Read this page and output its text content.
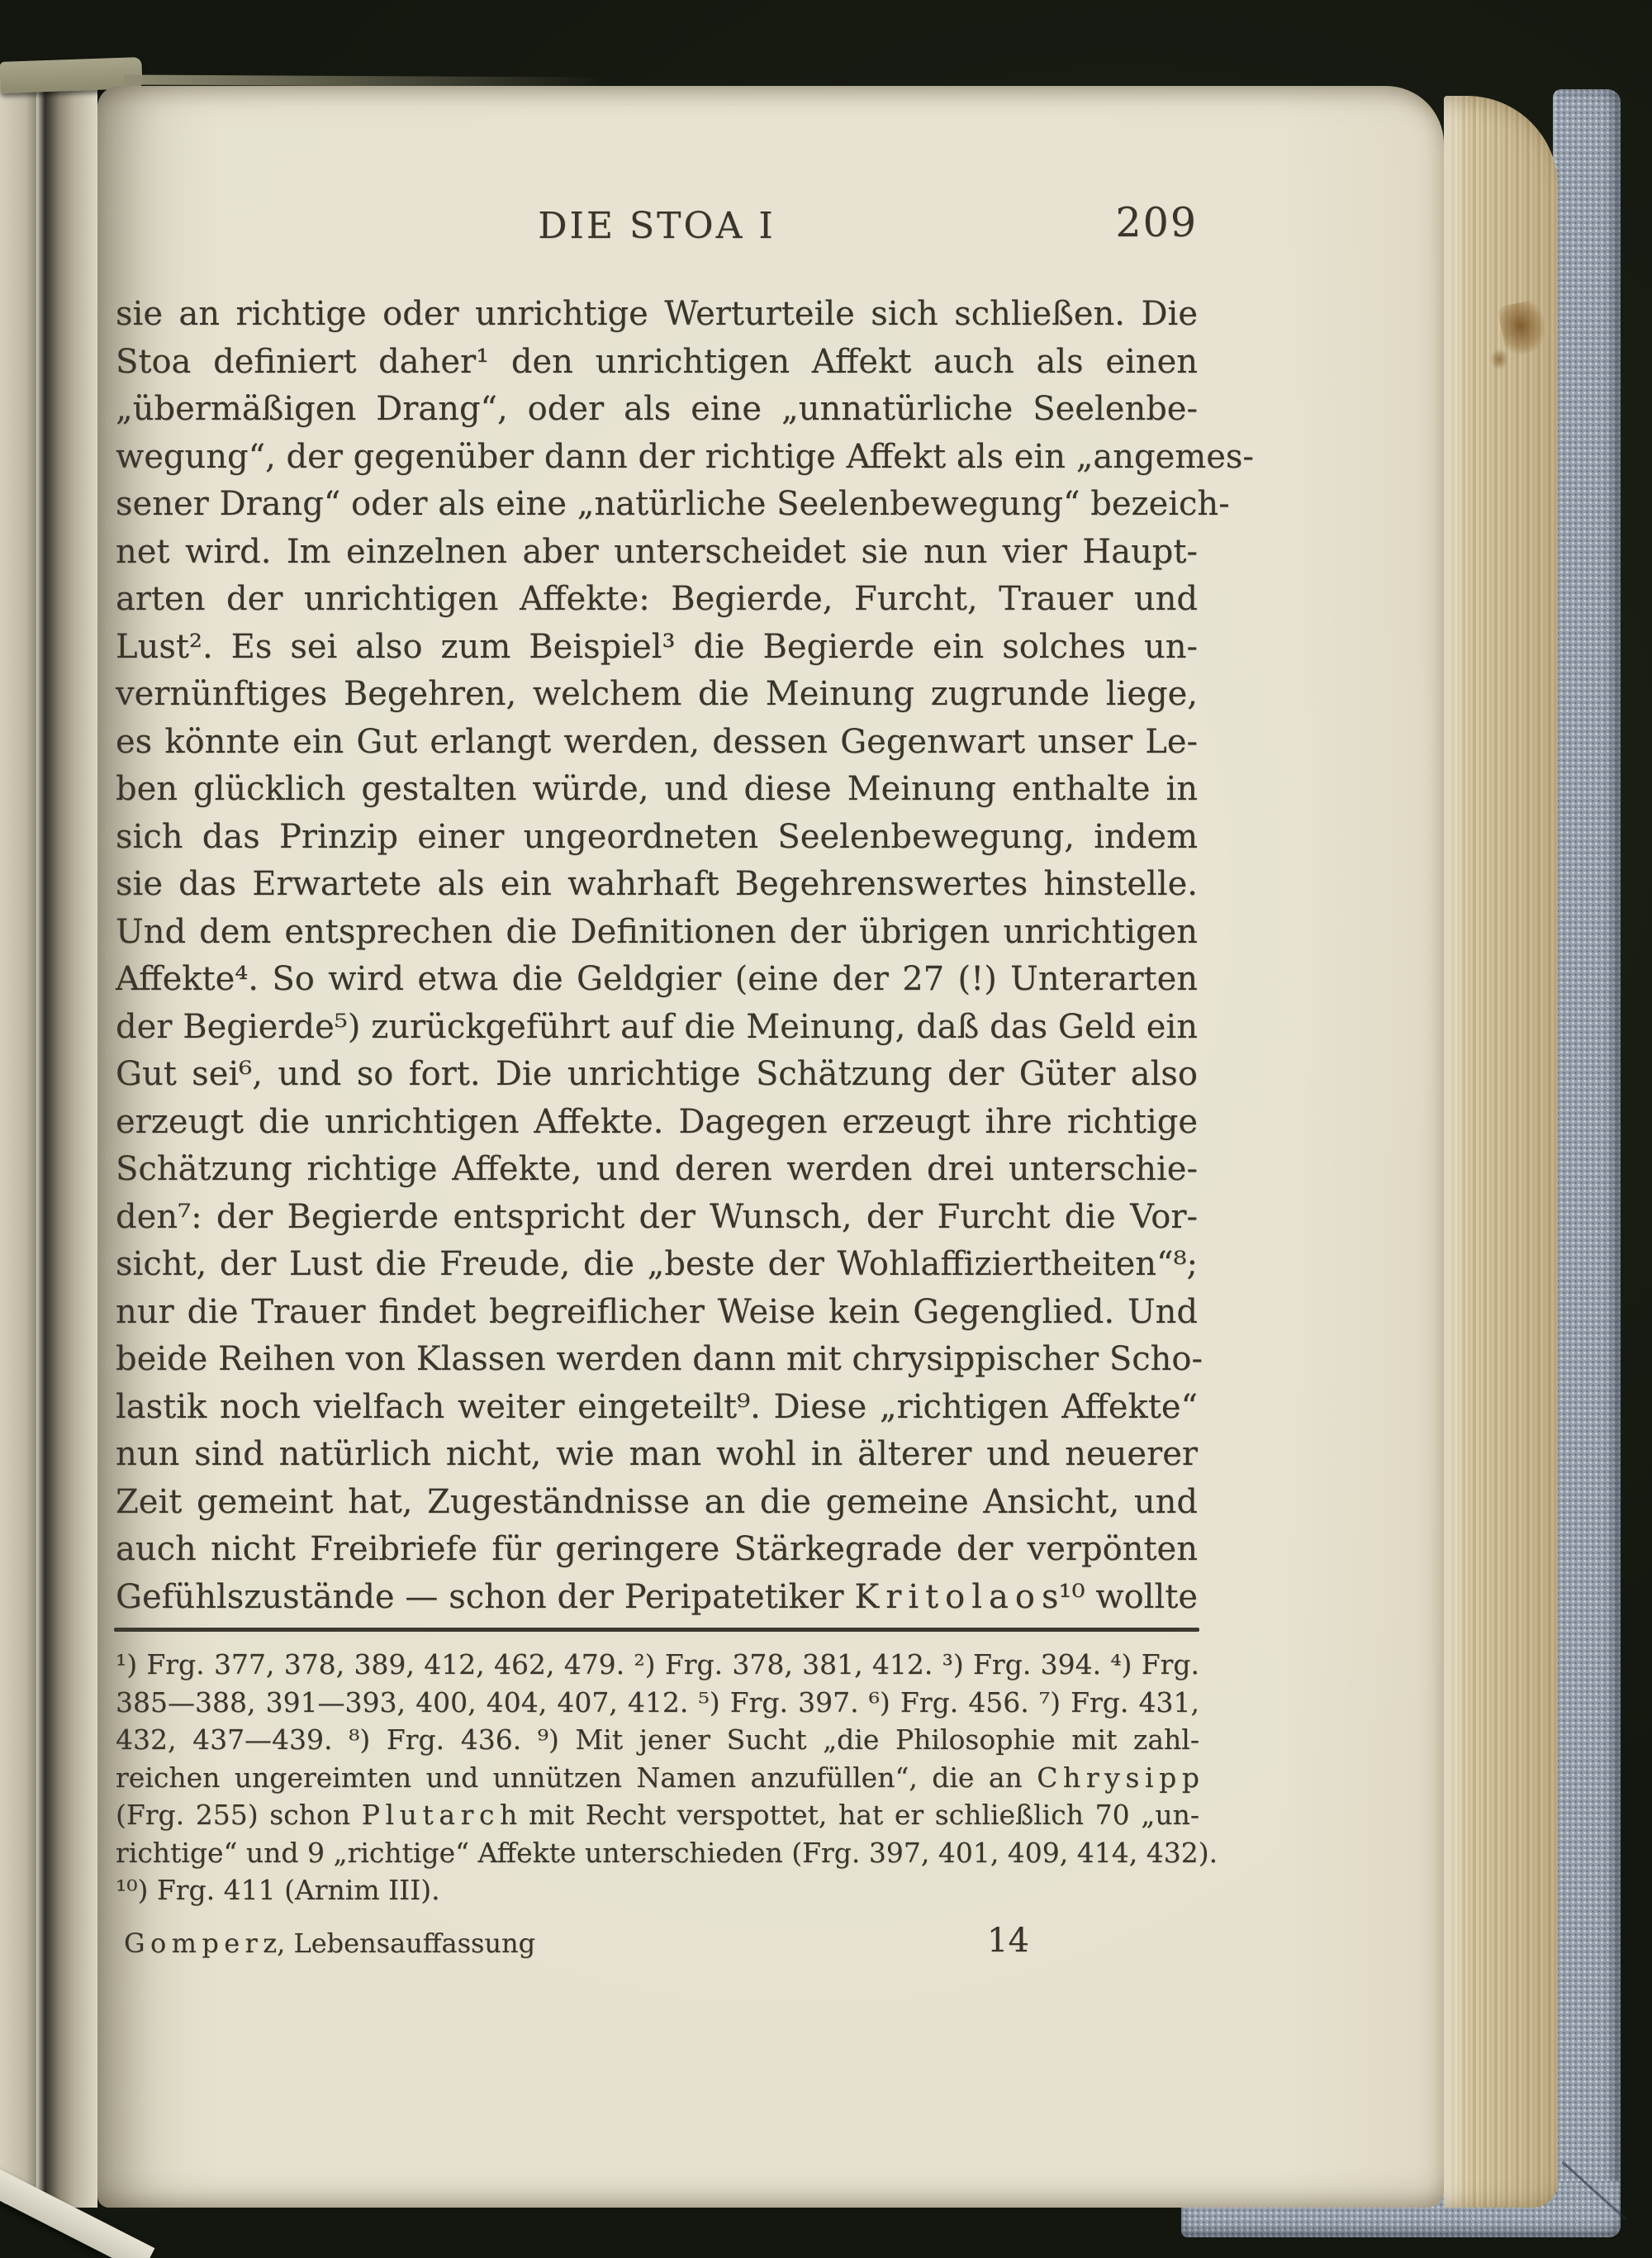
DIE STOA I	209
sie an richtige oder unrichtige Werturteile sich schließen. Die
Stoa definiert daher¹ den unrichtigen Affekt auch als einen
„übermäßigen Drang“, oder als eine „unnatürliche Seelenbe-
wegung“, der gegenüber dann der richtige Affekt als ein „angemes-
sener Drang“ oder als eine „natürliche Seelenbewegung“ bezeich-
net wird. Im einzelnen aber unterscheidet sie nun vier Haupt-
arten der unrichtigen Affekte: Begierde, Furcht, Trauer und
Lust². Es sei also zum Beispiel³ die Begierde ein solches un-
vernünftiges Begehren, welchem die Meinung zugrunde liege,
es könnte ein Gut erlangt werden, dessen Gegenwart unser Le-
ben glücklich gestalten würde, und diese Meinung enthalte in
sich das Prinzip einer ungeordneten Seelenbewegung, indem
sie das Erwartete als ein wahrhaft Begehrenswertes hinstelle.
Und dem entsprechen die Definitionen der übrigen unrichtigen
Affekte⁴. So wird etwa die Geldgier (eine der 27 (!) Unterarten
der Begierde⁵) zurückgeführt auf die Meinung, daß das Geld ein
Gut sei⁶, und so fort. Die unrichtige Schätzung der Güter also
erzeugt die unrichtigen Affekte. Dagegen erzeugt ihre richtige
Schätzung richtige Affekte, und deren werden drei unterschie-
den⁷: der Begierde entspricht der Wunsch, der Furcht die Vor-
sicht, der Lust die Freude, die „beste der Wohlaffiziertheiten“⁸;
nur die Trauer findet begreiflicher Weise kein Gegenglied. Und
beide Reihen von Klassen werden dann mit chrysippischer Scho-
lastik noch vielfach weiter eingeteilt⁹. Diese „richtigen Affekte“
nun sind natürlich nicht, wie man wohl in älterer und neuerer
Zeit gemeint hat, Zugeständnisse an die gemeine Ansicht, und
auch nicht Freibriefe für geringere Stärkegrade der verpönten
Gefühlszustände — schon der Peripatetiker K r i t o l a o s¹⁰ wollte
¹) Frg. 377, 378, 389, 412, 462, 479. ²) Frg. 378, 381, 412. ³) Frg. 394. ⁴) Frg.
385—388, 391—393, 400, 404, 407, 412. ⁵) Frg. 397. ⁶) Frg. 456. ⁷) Frg. 431,
432, 437—439. ⁸) Frg. 436. ⁹) Mit jener Sucht „die Philosophie mit zahl-
reichen ungereimten und unnützen Namen anzufüllen“, die an C h r y s i p p
(Frg. 255) schon P l u t a r c h mit Recht verspottet, hat er schließlich 70 „un-
richtige“ und 9 „richtige“ Affekte unterschieden (Frg. 397, 401, 409, 414, 432).
¹⁰) Frg. 411 (Arnim III).
G o m p e r z, Lebensauffassung	14
